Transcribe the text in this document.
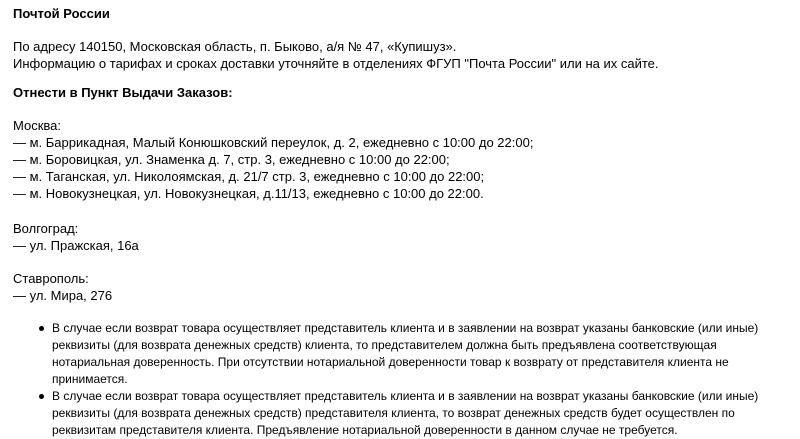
Почтой России
По адресу 140150, Московская область, п. Быково, а/я № 47, «Купишуз».
Информацию о тарифах и сроках доставки уточняйте в отделениях ФГУП "Почта России" или на их сайте.
Отнести в Пункт Выдачи Заказов:
Москва:
— м. Баррикадная, Малый Конюшковский переулок, д. 2, ежедневно с 10:00 до 22:00;
— м. Боровицкая, ул. Знаменка д. 7, стр. 3, ежедневно с 10:00 до 22:00;
— м. Таганская, ул. Николоямская, д. 21/7 стр. 3, ежедневно с 10:00 до 22:00;
— м. Новокузнецкая, ул. Новокузнецкая, д.11/13, ежедневно с 10:00 до 22:00.
Волгоград:
— ул. Пражская, 16а
Ставрополь:
— ул. Мира, 276
В случае если возврат товара осуществляет представитель клиента и в заявлении на возврат указаны банковские (или иные)
реквизиты (для возврата денежных средств) клиента, то представителем должна быть предъявлена соответствующая
нотариальная доверенность. При отсутствии нотариальной доверенности товар к возврату от представителя клиента не
принимается.
В случае если возврат товара осуществляет представитель клиента и в заявлении на возврат указаны банковские (или иные)
реквизиты (для возврата денежных средств) представителя клиента, то возврат денежных средств будет осуществлен по
реквизитам представителя клиента. Предъявление нотариальной доверенности в данном случае не требуется.
